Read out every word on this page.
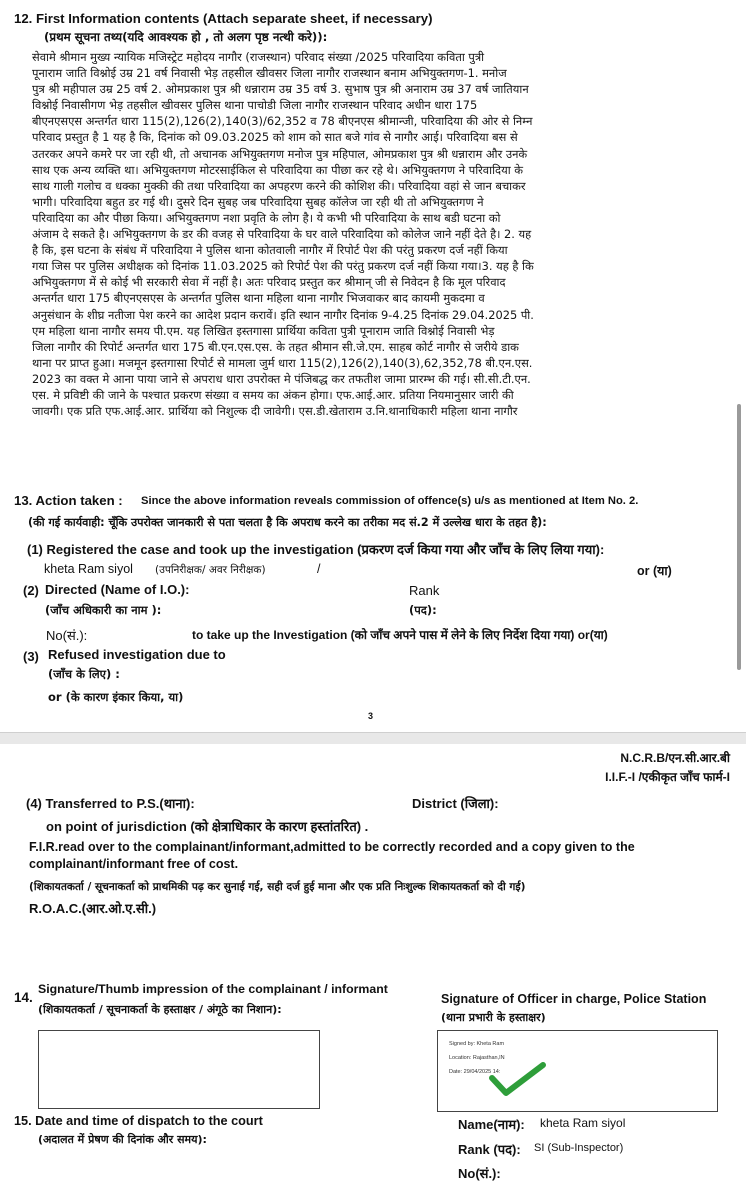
12. First Information contents (Attach separate sheet, if necessary)
(प्रथम सूचना तथ्य(यदि आवश्यक हो , तो अलग पृष्ठ नत्थी करे)):
सेवामे श्रीमान मुख्य न्यायिक मजिस्ट्रेट महोदय नागौर (राजस्थान) परिवाद संख्या /2025 परिवादिया कविता पुत्री
पूनाराम जाति विश्नोई उम्र 21 वर्ष निवासी भेड़ तहसील खीवसर जिला नागौर राजस्थान बनाम अभियुक्तगण-1. मनोज
पुत्र श्री महीपाल उम्र 25 वर्ष 2. ओमप्रकाश पुत्र श्री धन्नाराम उम्र 35 वर्ष 3. सुभाष पुत्र श्री अनाराम उम्र 37 वर्ष जातियान
विश्नोई निवासीगण भेड़ तहसील खीवसर पुलिस थाना पाचोडी जिला नागौर राजस्थान परिवाद अधीन धारा 175
बीएनएसएस अन्तर्गत धारा 115(2),126(2),140(3)/62,352 व 78 बीएनएस श्रीमान्जी, परिवादिया की ओर से निम्न
परिवाद प्रस्तुत है 1 यह है कि, दिनांक को 09.03.2025 को शाम को सात बजे गांव से नागौर आई। परिवादिया बस से
उतरकर अपने कमरे पर जा रही थी, तो अचानक अभियुक्तगण मनोज पुत्र महिपाल, ओमप्रकाश पुत्र श्री धन्नाराम और उनके
साथ एक अन्य व्यक्ति था। अभियुक्तगण मोटरसाईकिल से परिवादिया का पीछा कर रहे थे। अभियुक्तगण ने परिवादिया के
साथ गाली गलोच व धक्का मुक्की की तथा परिवादिया का अपहरण करने की कोशिश की। परिवादिया वहां से जान बचाकर
भागी। परिवादिया बहुत डर गई थी। दुसरे दिन सुबह जब परिवादिया सुबह कॉलेज जा रही थी तो अभियुक्तगण ने
परिवादिया का और पीछा किया। अभियुक्तगण नशा प्रवृति के लोग है। ये कभी भी परिवादिया के साथ बडी घटना को
अंजाम दे सकते है। अभियुक्तगण के डर की वजह से परिवादिया के घर वाले परिवादिया को कोलेज जाने नहीं देते है। 2. यह
है कि, इस घटना के संबंध में परिवादिया ने पुलिस थाना कोतवाली नागौर में रिपोर्ट पेश की परंतु प्रकरण दर्ज नहीं किया
गया जिस पर पुलिस अधीक्षक को दिनांक 11.03.2025 को रिपोर्ट पेश की परंतु प्रकरण दर्ज नहीं किया गया।3. यह है कि
अभियुक्तगण में से कोई भी सरकारी सेवा में नहीं है। अतः परिवाद प्रस्तुत कर श्रीमान् जी से निवेदन है कि मूल परिवाद
अन्तर्गत धारा 175 बीएनएसएस के अन्तर्गत पुलिस थाना महिला थाना नागौर भिजवाकर बाद कायमी मुकदमा व
अनुसंधान के शीघ्र नतीजा पेश करने का आदेश प्रदान करावें। इति स्थान नागौर दिनांक 9-4.25 दिनांक 29.04.2025 पी.
एम महिला थाना नागौर समय पी.एम. यह लिखित इस्तगासा प्रार्थिया कविता पुत्री पूनाराम जाति विश्नोई निवासी भेड़
जिला नागौर की रिपोर्ट अन्तर्गत धारा 175 बी.एन.एस.एस. के तहत श्रीमान सी.जे.एम. साहब कोर्ट नागौर से जरीये डाक
थाना पर प्राप्त हुआ। मजमून इस्तगासा रिपोर्ट से मामला जुर्म धारा 115(2),126(2),140(3),62,352,78 बी.एन.एस.
2023 का वक्त मे आना पाया जाने से अपराध धारा उपरोक्त मे पंजिबद्ध कर तफतीश जामा प्रारम्भ की गई। सी.सी.टी.एन.
एस. मे प्रविष्टी की जाने के पश्चात प्रकरण संख्या व समय का अंकन होगा। एफ.आई.आर. प्रतिया नियमानुसार जारी की
जावगी। एक प्रति एफ.आई.आर. प्रार्थिया को निशुल्क दी जावेगी। एस.डी.खेताराम उ.नि.थानाधिकारी महिला थाना नागौर
13. Action taken : Since the above information reveals commission of offence(s) u/s as mentioned at Item No. 2.
(की गई कार्यवाही: चूँकि उपरोक्त जानकारी से पता चलता है कि अपराध करने का तरीका मद सं.2 में उल्लेख धारा के तहत है):
(1) Registered the case and took up the investigation (प्रकरण दर्ज किया गया और जाँच के लिए लिया गया):
kheta Ram siyol (उपनिरीक्षक/ अवर निरीक्षक)	/	or (या)
(2) Directed (Name of I.O.):
(जाँच अधिकारी का नाम ):
Rank
(पद):
No(सं.):	to take up the Investigation (को जाँच अपने पास में लेने के लिए निर्देश दिया गया) or(या)
(3) Refused investigation due to
(जाँच के लिए) :
or (के कारण इंकार किया, या)
3
N.C.R.B/एन.सी.आर.बी
I.I.F.-I /एकीकृत जाँच फार्म-I
(4) Transferred to P.S.(थाना):	District (जिला):
on point of jurisdiction (को क्षेत्राधिकार के कारण हस्तांतरित) .
F.I.R.read over to the complainant/informant,admitted to be correctly recorded and a copy given to the
complainant/informant free of cost.
(शिकायतकर्ता / सूचनाकर्ता को प्राथमिकी पढ़ कर सुनाई गई, सही दर्ज हुई माना और एक प्रति निःशुल्क शिकायतकर्ता को दी गई)
R.O.A.C.(आर.ओ.ए.सी.)
14.
Signature/Thumb impression of the complainant / informant
(शिकायतकर्ता / सूचनाकर्ता के हस्ताक्षर / अंगूठे का निशान):
Signature of Officer in charge, Police Station
(थाना प्रभारी के हस्ताक्षर)
Signed by: Kheta Ram
Location: Rajasthan,IN
Date: 29/04/2025 14:
15. Date and time of dispatch to the court
(अदालत में प्रेषण की दिनांक और समय):
Name(नाम): kheta Ram siyol
Rank (पद): SI (Sub-Inspector)
No(सं.):
